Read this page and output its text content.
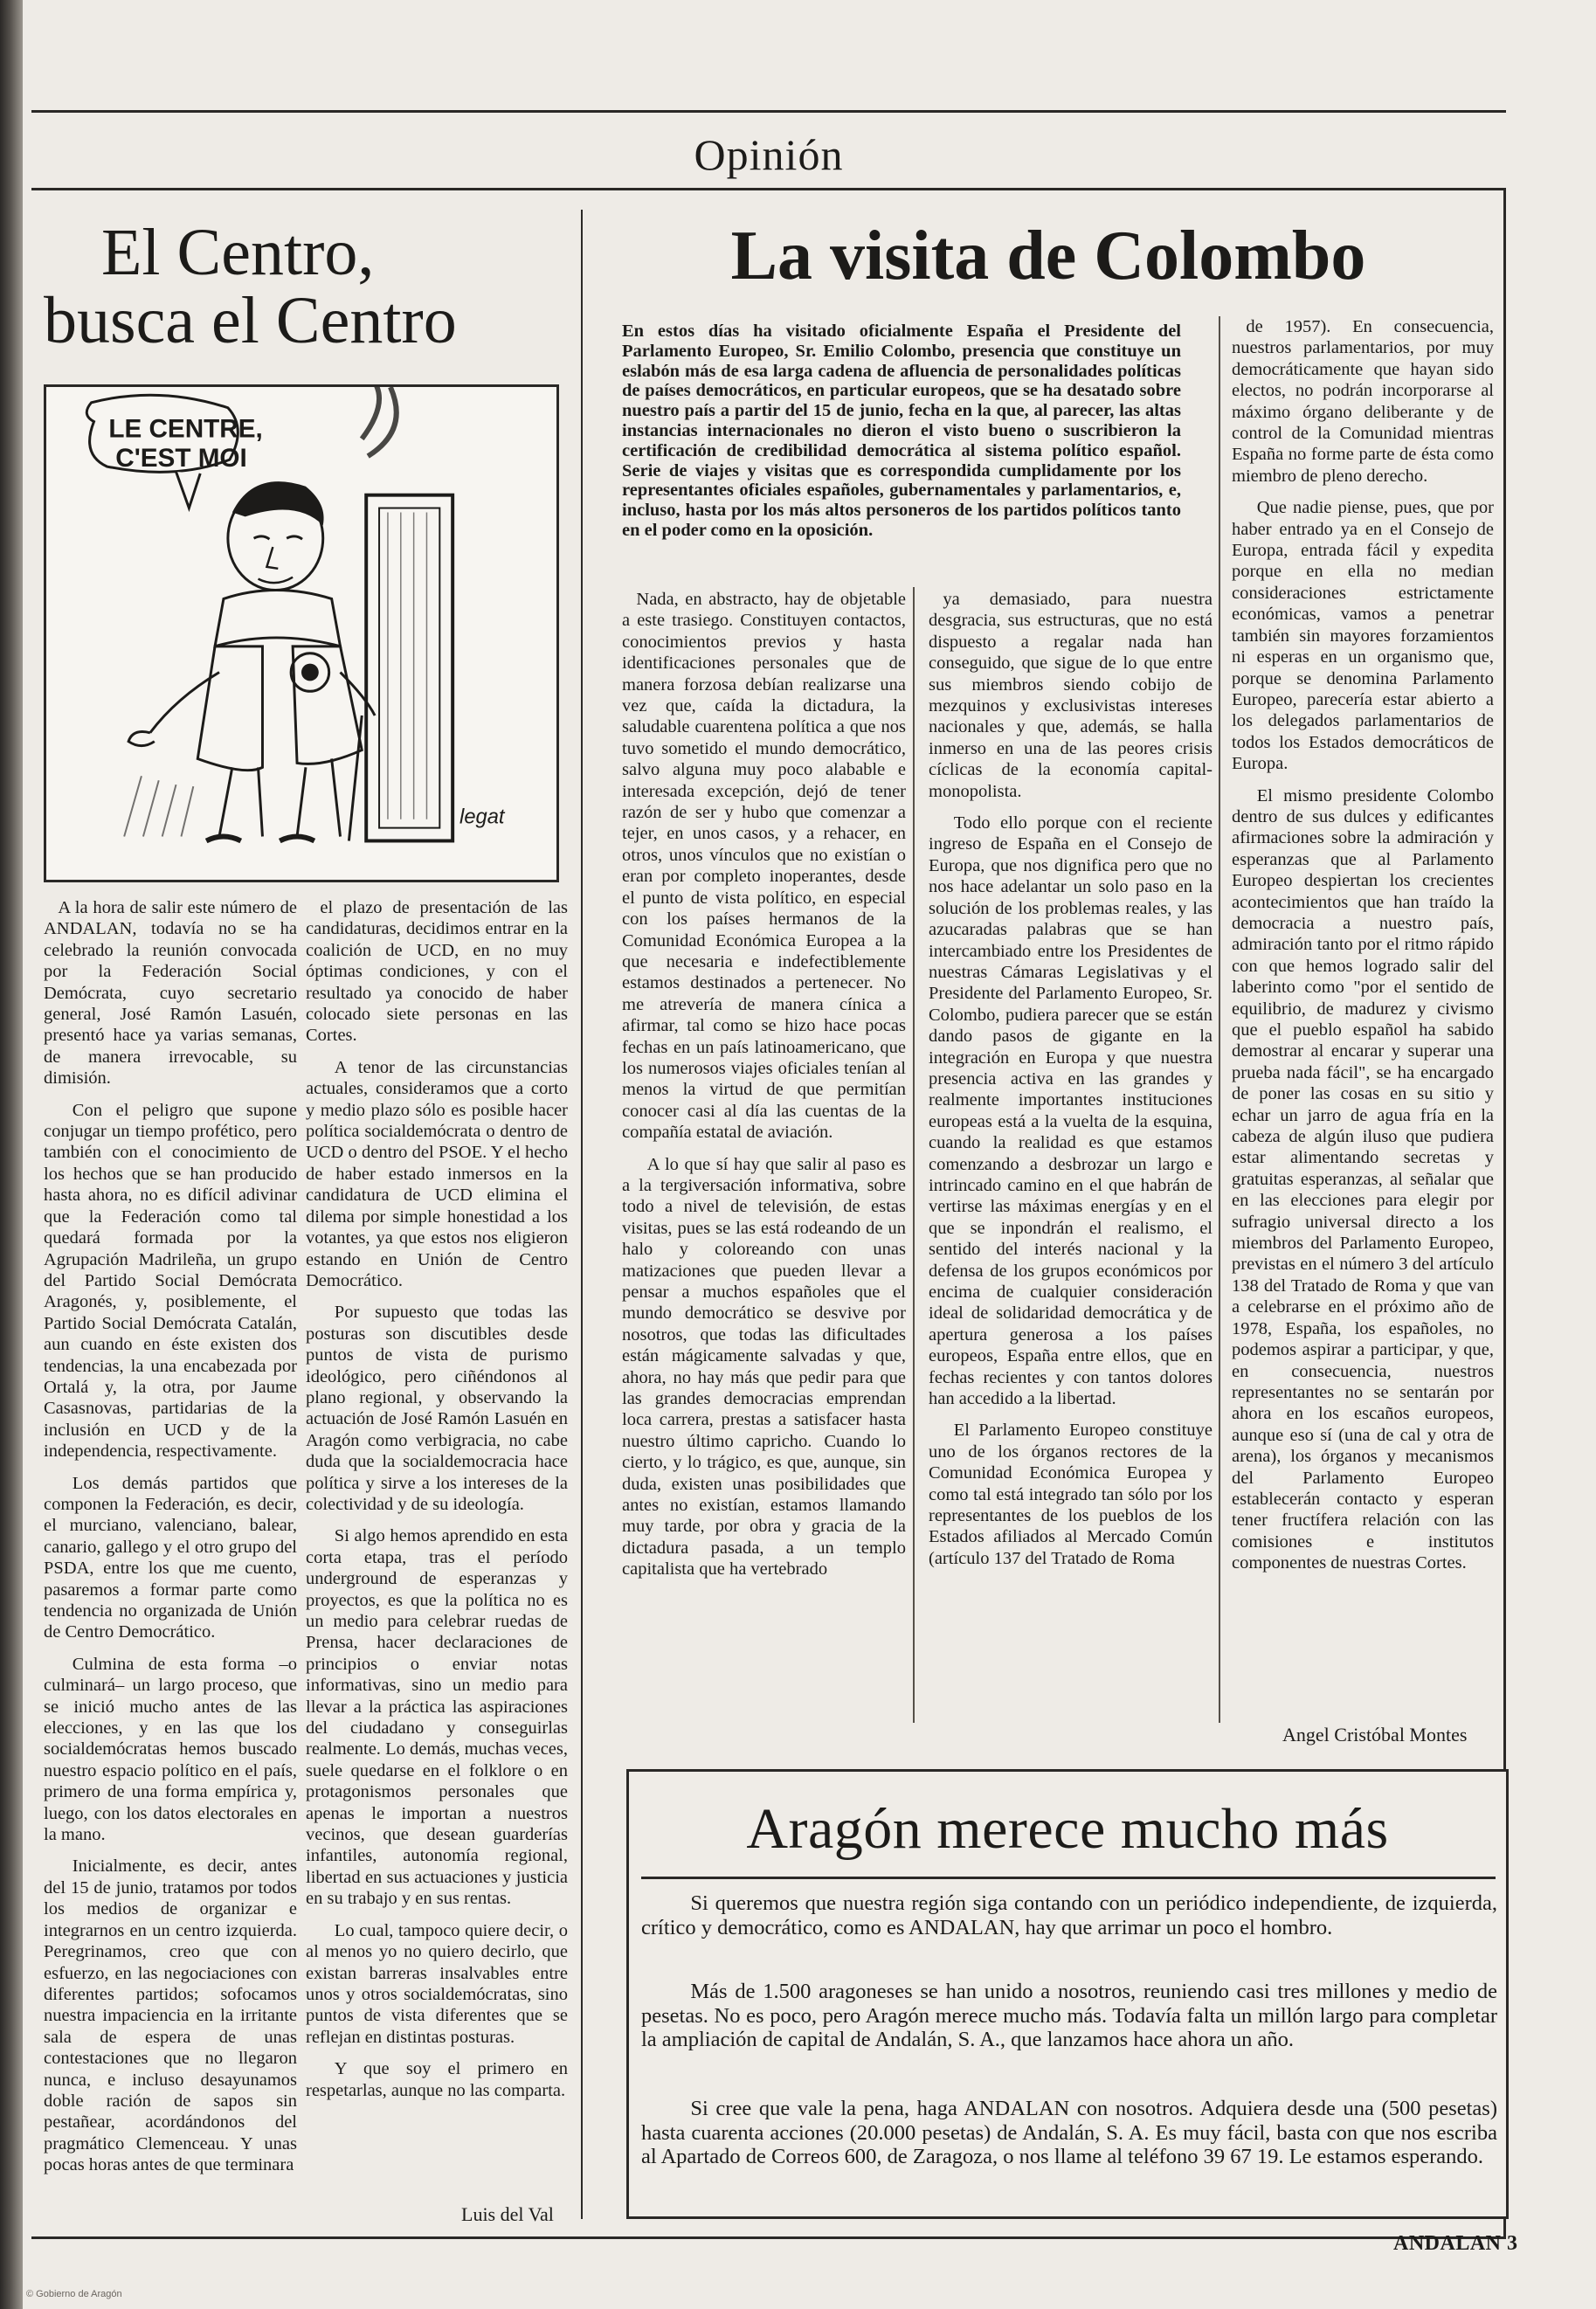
Opinión
El Centro,
busca el Centro
LE CENTRE,
C'EST MOI
legat

A la hora de salir este número de ANDALAN, todavía no se ha celebrado la reunión convocada por la Federación Social Demócrata, cuyo secretario general, José Ramón Lasuén, presentó hace ya varias semanas, de manera irrevocable, su dimisión.

Con el peligro que supone conjugar un tiempo profético, pero también con el conocimiento de los hechos que se han producido hasta ahora, no es difícil adivinar que la Federación como tal quedará formada por la Agrupación Madrileña, un grupo del Partido Social Demócrata Aragonés, y, posiblemente, el Partido Social Demócrata Catalán, aun cuando en éste existen dos tendencias, la una encabezada por Ortalá y, la otra, por Jaume Casasnovas, partidarias de la inclusión en UCD y de la independencia, respectivamente.

Los demás partidos que componen la Federación, es decir, el murciano, valenciano, balear, canario, gallego y el otro grupo del PSDA, entre los que me cuento, pasaremos a formar parte como tendencia no organizada de Unión de Centro Democrático.

Culmina de esta forma –o culminará– un largo proceso, que se inició mucho antes de las elecciones, y en las que los socialdemócratas hemos buscado nuestro espacio político en el país, primero de una forma empírica y, luego, con los datos electorales en la mano.

Inicialmente, es decir, antes del 15 de junio, tratamos por todos los medios de organizar e integrarnos en un centro izquierda. Peregrinamos, creo que con esfuerzo, en las negociaciones con diferentes partidos; sofocamos nuestra impaciencia en la irritante sala de espera de unas contestaciones que no llegaron nunca, e incluso desayunamos doble ración de sapos sin pestañear, acordándonos del pragmático Clemenceau. Y unas pocas horas antes de que terminara

el plazo de presentación de las candidaturas, decidimos entrar en la coalición de UCD, en no muy óptimas condiciones, y con el resultado ya conocido de haber colocado siete personas en las Cortes.

A tenor de las circunstancias actuales, consideramos que a corto y medio plazo sólo es posible hacer política socialdemócrata o dentro de UCD o dentro del PSOE. Y el hecho de haber estado inmersos en la candidatura de UCD elimina el dilema por simple honestidad a los votantes, ya que estos nos eligieron estando en Unión de Centro Democrático.

Por supuesto que todas las posturas son discutibles desde puntos de vista de purismo ideológico, pero ciñéndonos al plano regional, y observando la actuación de José Ramón Lasuén en Aragón como verbigracia, no cabe duda que la socialdemocracia hace política y sirve a los intereses de la colectividad y de su ideología.

Si algo hemos aprendido en esta corta etapa, tras el período underground de esperanzas y proyectos, es que la política no es un medio para celebrar ruedas de Prensa, hacer declaraciones de principios o enviar notas informativas, sino un medio para llevar a la práctica las aspiraciones del ciudadano y conseguirlas realmente. Lo demás, muchas veces, suele quedarse en el folklore o en protagonismos personales que apenas le importan a nuestros vecinos, que desean guarderías infantiles, autonomía regional, libertad en sus actuaciones y justicia en su trabajo y en sus rentas.

Lo cual, tampoco quiere decir, o al menos yo no quiero decirlo, que existan barreras insalvables entre unos y otros socialdemócratas, sino puntos de vista diferentes que se reflejan en distintas posturas.

Y que soy el primero en respetarlas, aunque no las comparta.

Luis del Val
La visita de Colombo
En estos días ha visitado oficialmente España el Presidente del Parlamento Europeo, Sr. Emilio Colombo, presencia que constituye un eslabón más de esa larga cadena de afluencia de personalidades políticas de países democráticos, en particular europeos, que se ha desatado sobre nuestro país a partir del 15 de junio, fecha en la que, al parecer, las altas instancias internacionales no dieron el visto bueno o suscribieron la certificación de credibilidad democrática al sistema político español. Serie de viajes y visitas que es correspondida cumplidamente por los representantes oficiales españoles, gubernamentales y parlamentarios, e, incluso, hasta por los más altos personeros de los partidos políticos tanto en el poder como en la oposición.

Nada, en abstracto, hay de objetable a este trasiego. Constituyen contactos, conocimientos previos y hasta identificaciones personales que de manera forzosa debían realizarse una vez que, caída la dictadura, la saludable cuarentena política a que nos tuvo sometido el mundo democrático, salvo alguna muy poco alabable e interesada excepción, dejó de tener razón de ser y hubo que comenzar a tejer, en unos casos, y a rehacer, en otros, unos vínculos que no existían o eran por completo inoperantes, desde el punto de vista político, en especial con los países hermanos de la Comunidad Económica Europea a la que necesaria e indefectiblemente estamos destinados a pertenecer. No me atrevería de manera cínica a afirmar, tal como se hizo hace pocas fechas en un país latinoamericano, que los numerosos viajes oficiales tenían al menos la virtud de que permitían conocer casi al día las cuentas de la compañía estatal de aviación.

A lo que sí hay que salir al paso es a la tergiversación informativa, sobre todo a nivel de televisión, de estas visitas, pues se las está rodeando de un halo y coloreando con unas matizaciones que pueden llevar a pensar a muchos españoles que el mundo democrático se desvive por nosotros, que todas las dificultades están mágicamente salvadas y que, ahora, no hay más que pedir para que las grandes democracias emprendan loca carrera, prestas a satisfacer hasta nuestro último capricho. Cuando lo cierto, y lo trágico, es que, aunque, sin duda, existen unas posibilidades que antes no existían, estamos llamando muy tarde, por obra y gracia de la dictadura pasada, a un templo capitalista que ha vertebrado

ya demasiado, para nuestra desgracia, sus estructuras, que no está dispuesto a regalar nada han conseguido, que sigue de lo que entre sus miembros siendo cobijo de mezquinos y exclusivistas intereses nacionales y que, además, se halla inmerso en una de las peores crisis cíclicas de la economía capital-monopolista.

Todo ello porque con el reciente ingreso de España en el Consejo de Europa, que nos dignifica pero que no nos hace adelantar un solo paso en la solución de los problemas reales, y las azucaradas palabras que se han intercambiado entre los Presidentes de nuestras Cámaras Legislativas y el Presidente del Parlamento Europeo, Sr. Colombo, pudiera parecer que se están dando pasos de gigante en la integración en Europa y que nuestra presencia activa en las grandes y realmente importantes instituciones europeas está a la vuelta de la esquina, cuando la realidad es que estamos comenzando a desbrozar un largo e intrincado camino en el que habrán de vertirse las máximas energías y en el que se inpondrán el realismo, el sentido del interés nacional y la defensa de los grupos económicos por encima de cualquier consideración ideal de solidaridad democrática y de apertura generosa a los países europeos, España entre ellos, que en fechas recientes y con tantos dolores han accedido a la libertad.

El Parlamento Europeo constituye uno de los órganos rectores de la Comunidad Económica Europea y como tal está integrado tan sólo por los representantes de los pueblos de los Estados afiliados al Mercado Común (artículo 137 del Tratado de Roma

de 1957). En consecuencia, nuestros parlamentarios, por muy democráticamente que hayan sido electos, no podrán incorporarse al máximo órgano deliberante y de control de la Comunidad mientras España no forme parte de ésta como miembro de pleno derecho.

Que nadie piense, pues, que por haber entrado ya en el Consejo de Europa, entrada fácil y expedita porque en ella no median consideraciones estrictamente económicas, vamos a penetrar también sin mayores forzamientos ni esperas en un organismo que, porque se denomina Parlamento Europeo, parecería estar abierto a los delegados parlamentarios de todos los Estados democráticos de Europa.

El mismo presidente Colombo dentro de sus dulces y edificantes afirmaciones sobre la admiración y esperanzas que al Parlamento Europeo despiertan los crecientes acontecimientos que han traído la democracia a nuestro país, admiración tanto por el ritmo rápido con que hemos logrado salir del laberinto como "por el sentido de equilibrio, de madurez y civismo que el pueblo español ha sabido demostrar al encarar y superar una prueba nada fácil", se ha encargado de poner las cosas en su sitio y echar un jarro de agua fría en la cabeza de algún iluso que pudiera estar alimentando secretas y gratuitas esperanzas, al señalar que en las elecciones para elegir por sufragio universal directo a los miembros del Parlamento Europeo, previstas en el número 3 del artículo 138 del Tratado de Roma y que van a celebrarse en el próximo año de 1978, España, los españoles, no podemos aspirar a participar, y que, en consecuencia, nuestros representantes no se sentarán por ahora en los escaños europeos, aunque eso sí (una de cal y otra de arena), los órganos y mecanismos del Parlamento Europeo establecerán contacto y esperan tener fructífera relación con las comisiones e institutos componentes de nuestras Cortes.

Angel Cristóbal Montes
Aragón merece mucho más
Si queremos que nuestra región siga contando con un periódico independiente, de izquierda, crítico y democrático, como es ANDALAN, hay que arrimar un poco el hombro.
Más de 1.500 aragoneses se han unido a nosotros, reuniendo casi tres millones y medio de pesetas. No es poco, pero Aragón merece mucho más. Todavía falta un millón largo para completar la ampliación de capital de Andalán, S. A., que lanzamos hace ahora un año.
Si cree que vale la pena, haga ANDALAN con nosotros. Adquiera desde una (500 pesetas) hasta cuarenta acciones (20.000 pesetas) de Andalán, S. A. Es muy fácil, basta con que nos escriba al Apartado de Correos 600, de Zaragoza, o nos llame al teléfono 39 67 19. Le estamos esperando.
ANDALAN 3
© Gobierno de Aragón
